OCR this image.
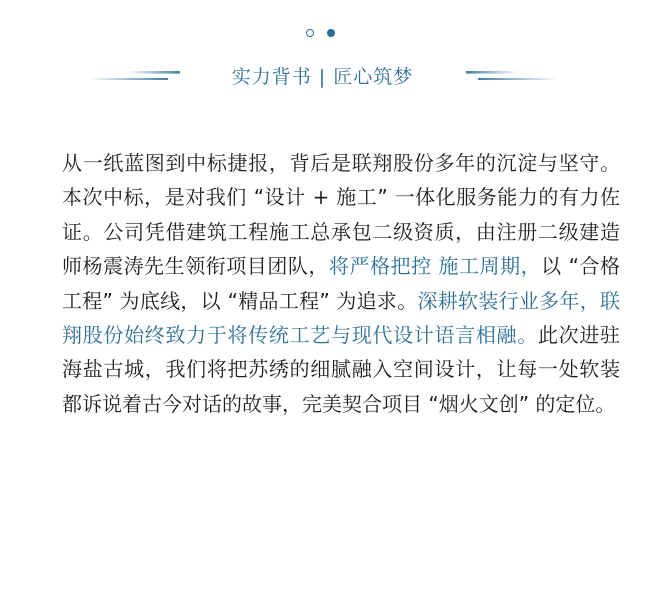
实力背书 | 匠心筑梦

从一纸蓝图到中标捷报，背后是联翔股份多年的沉淀与坚守。本次中标，是对我们 “设计 + 施工” 一体化服务能力的有力佐证。公司凭借建筑工程施工总承包二级资质，由注册二级建造师杨震涛先生领衔项目团队，将严格把控 施工周期，以 “合格工程” 为底线，以 “精品工程” 为追求。深耕软装行业多年，联翔股份始终致力于将传统工艺与现代设计语言相融。此次进驻海盐古城，我们将把苏绣的细腻融入空间设计，让每一处软装都诉说着古今对话的故事，完美契合项目 “烟火文创” 的定位。
